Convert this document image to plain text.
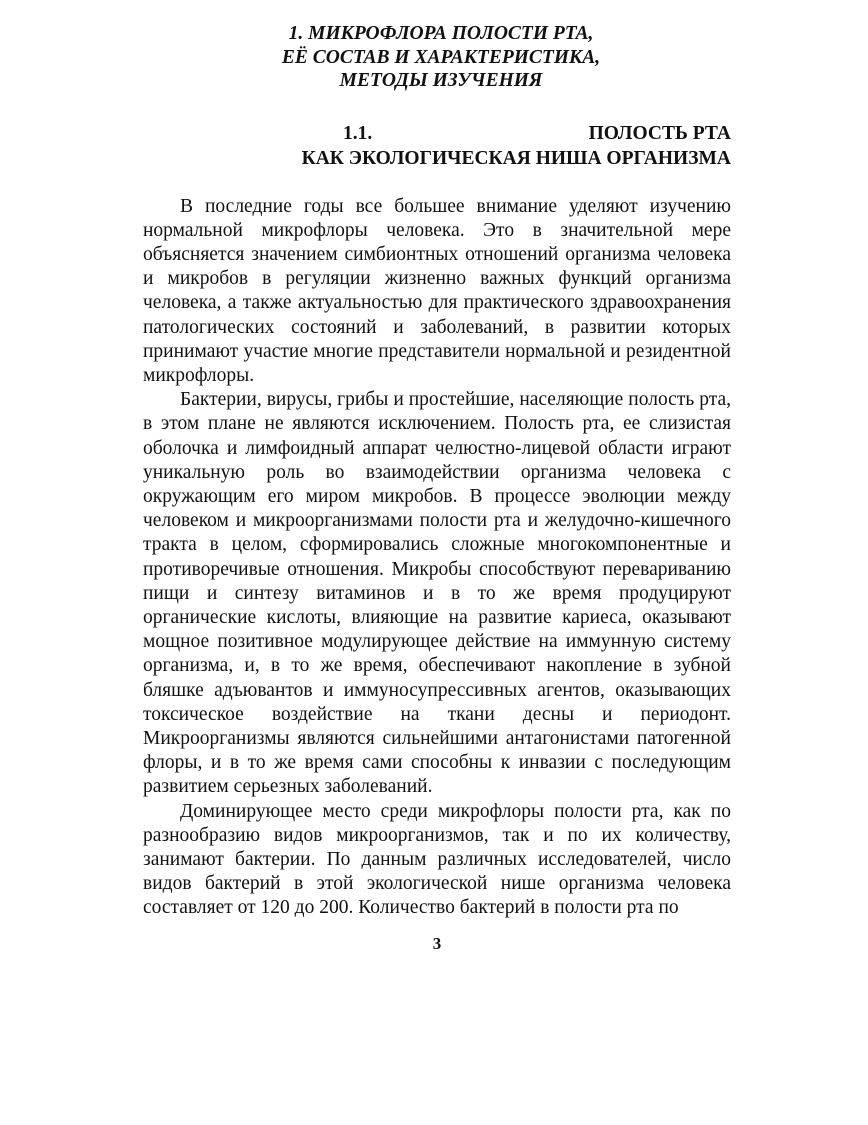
1. МИКРОФЛОРА ПОЛОСТИ РТА,
ЕЁ СОСТАВ И ХАРАКТЕРИСТИКА,
МЕТОДЫ ИЗУЧЕНИЯ
1.1.	ПОЛОСТЬ РТА
КАК ЭКОЛОГИЧЕСКАЯ НИША ОРГАНИЗМА

В последние годы все большее внимание уделяют изучению нормальной микрофлоры человека. Это в значительной мере объясняется значением симбионтных отношений организма человека и микробов в регуляции жизненно важных функций организма человека, а также актуальностью для практического здравоохранения патологических состояний и заболеваний, в развитии которых принимают участие многие представители нормальной и резидентной микрофлоры.

Бактерии, вирусы, грибы и простейшие, населяющие полость рта, в этом плане не являются исключением. Полость рта, ее слизистая оболочка и лимфоидный аппарат челюстно-лицевой области играют уникальную роль во взаимодействии организма человека с окружающим его миром микробов. В процессе эволюции между человеком и микроорганизмами полости рта и желудочно-кишечного тракта в целом, сформировались сложные многокомпонентные и противоречивые отношения. Микробы способствуют перевариванию пищи и синтезу витаминов и в то же время продуцируют органические кислоты, влияющие на развитие кариеса, оказывают мощное позитивное модулирующее действие на иммунную систему организма, и, в то же время, обеспечивают накопление в зубной бляшке адъювантов и иммуносупрессивных агентов, оказывающих токсическое воздействие на ткани десны и периодонт. Микроорганизмы являются сильнейшими антагонистами патогенной флоры, и в то же время сами способны к инвазии с последующим развитием серьезных заболеваний.

Доминирующее место среди микрофлоры полости рта, как по разнообразию видов микроорганизмов, так и по их количеству, занимают бактерии. По данным различных исследователей, число видов бактерий в этой экологической нише организма человека составляет от 120 до 200. Количество бактерий в полости рта по

3
